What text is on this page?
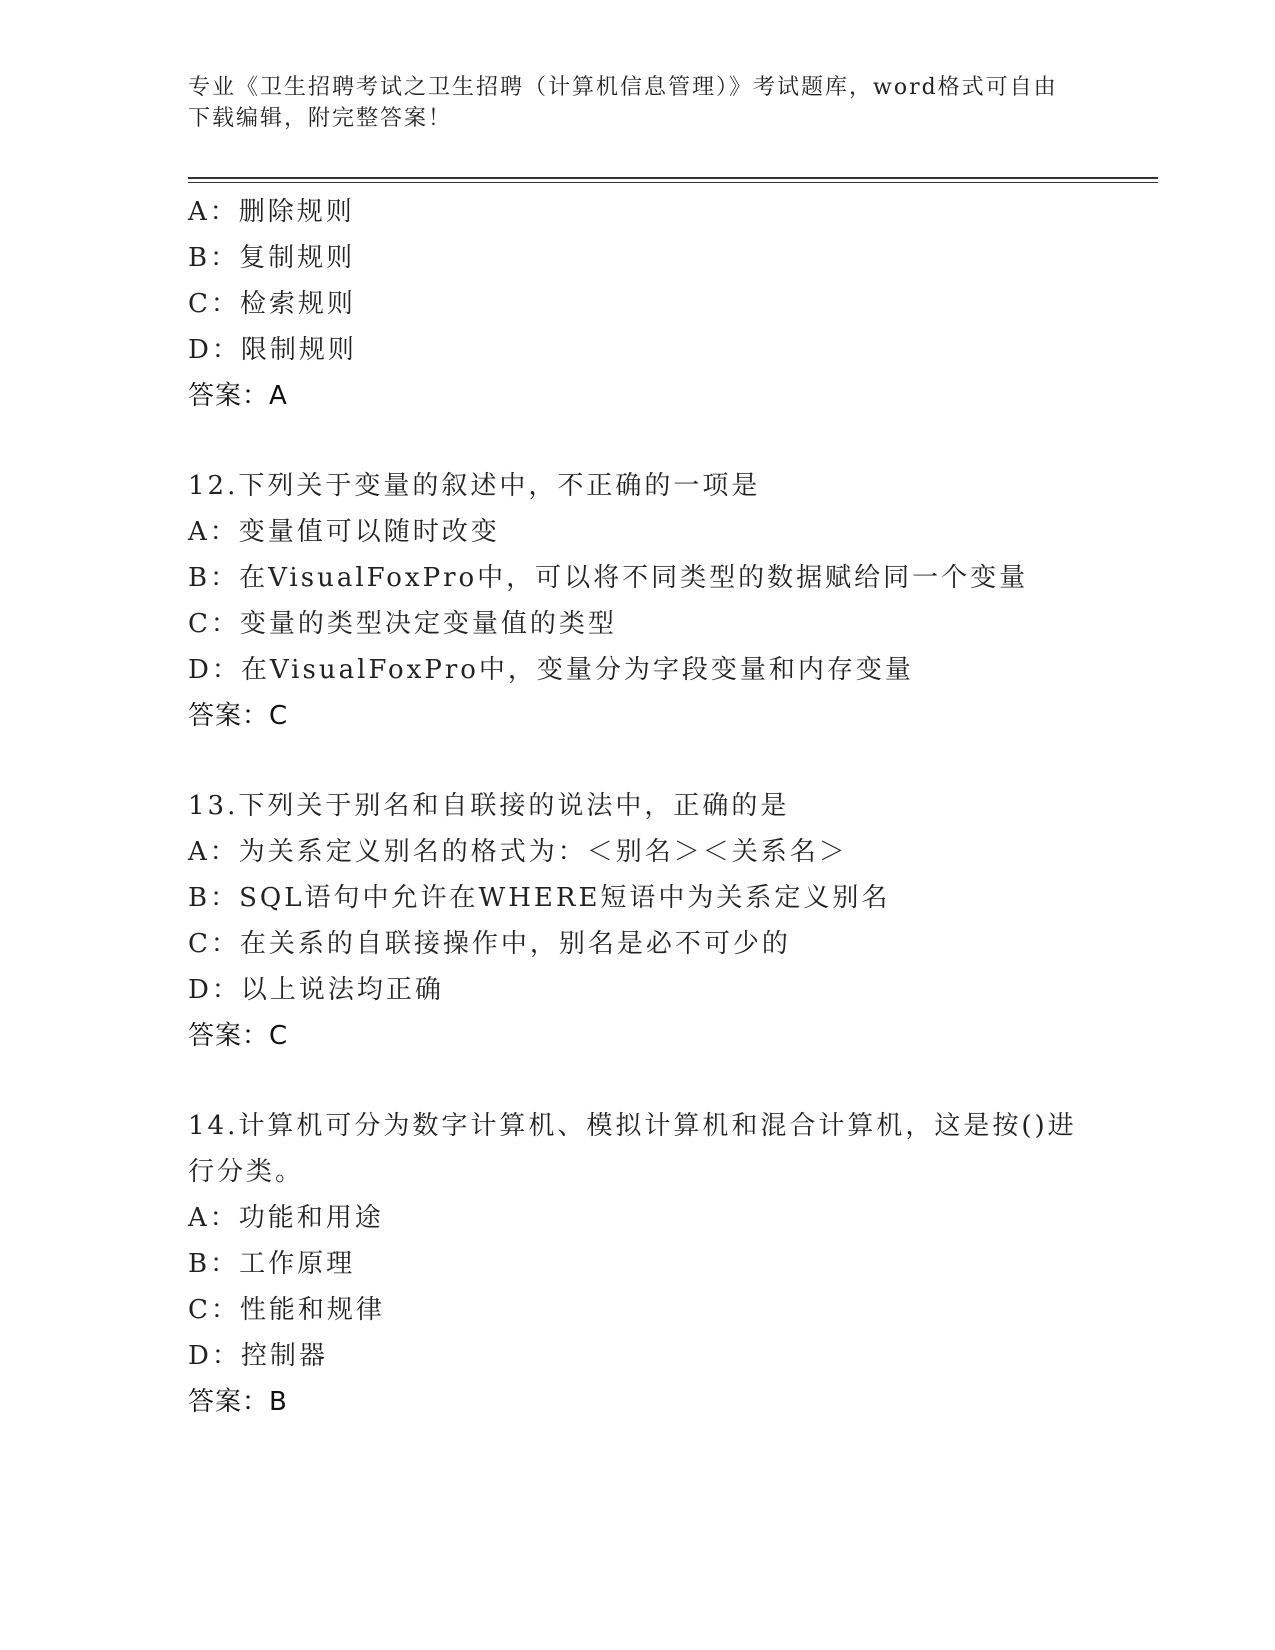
专业《卫生招聘考试之卫生招聘（计算机信息管理）》考试题库，word格式可自由下载编辑，附完整答案！
A：删除规则
B：复制规则
C：检索规则
D：限制规则
答案：A
12.下列关于变量的叙述中，不正确的一项是
A：变量值可以随时改变
B：在VisualFoxPro中，可以将不同类型的数据赋给同一个变量
C：变量的类型决定变量值的类型
D：在VisualFoxPro中，变量分为字段变量和内存变量
答案：C
13.下列关于别名和自联接的说法中，正确的是
A：为关系定义别名的格式为：＜别名＞＜关系名＞
B：SQL语句中允许在WHERE短语中为关系定义别名
C：在关系的自联接操作中，别名是必不可少的
D：以上说法均正确
答案：C
14.计算机可分为数字计算机、模拟计算机和混合计算机，这是按()进行分类。
A：功能和用途
B：工作原理
C：性能和规律
D：控制器
答案：B
